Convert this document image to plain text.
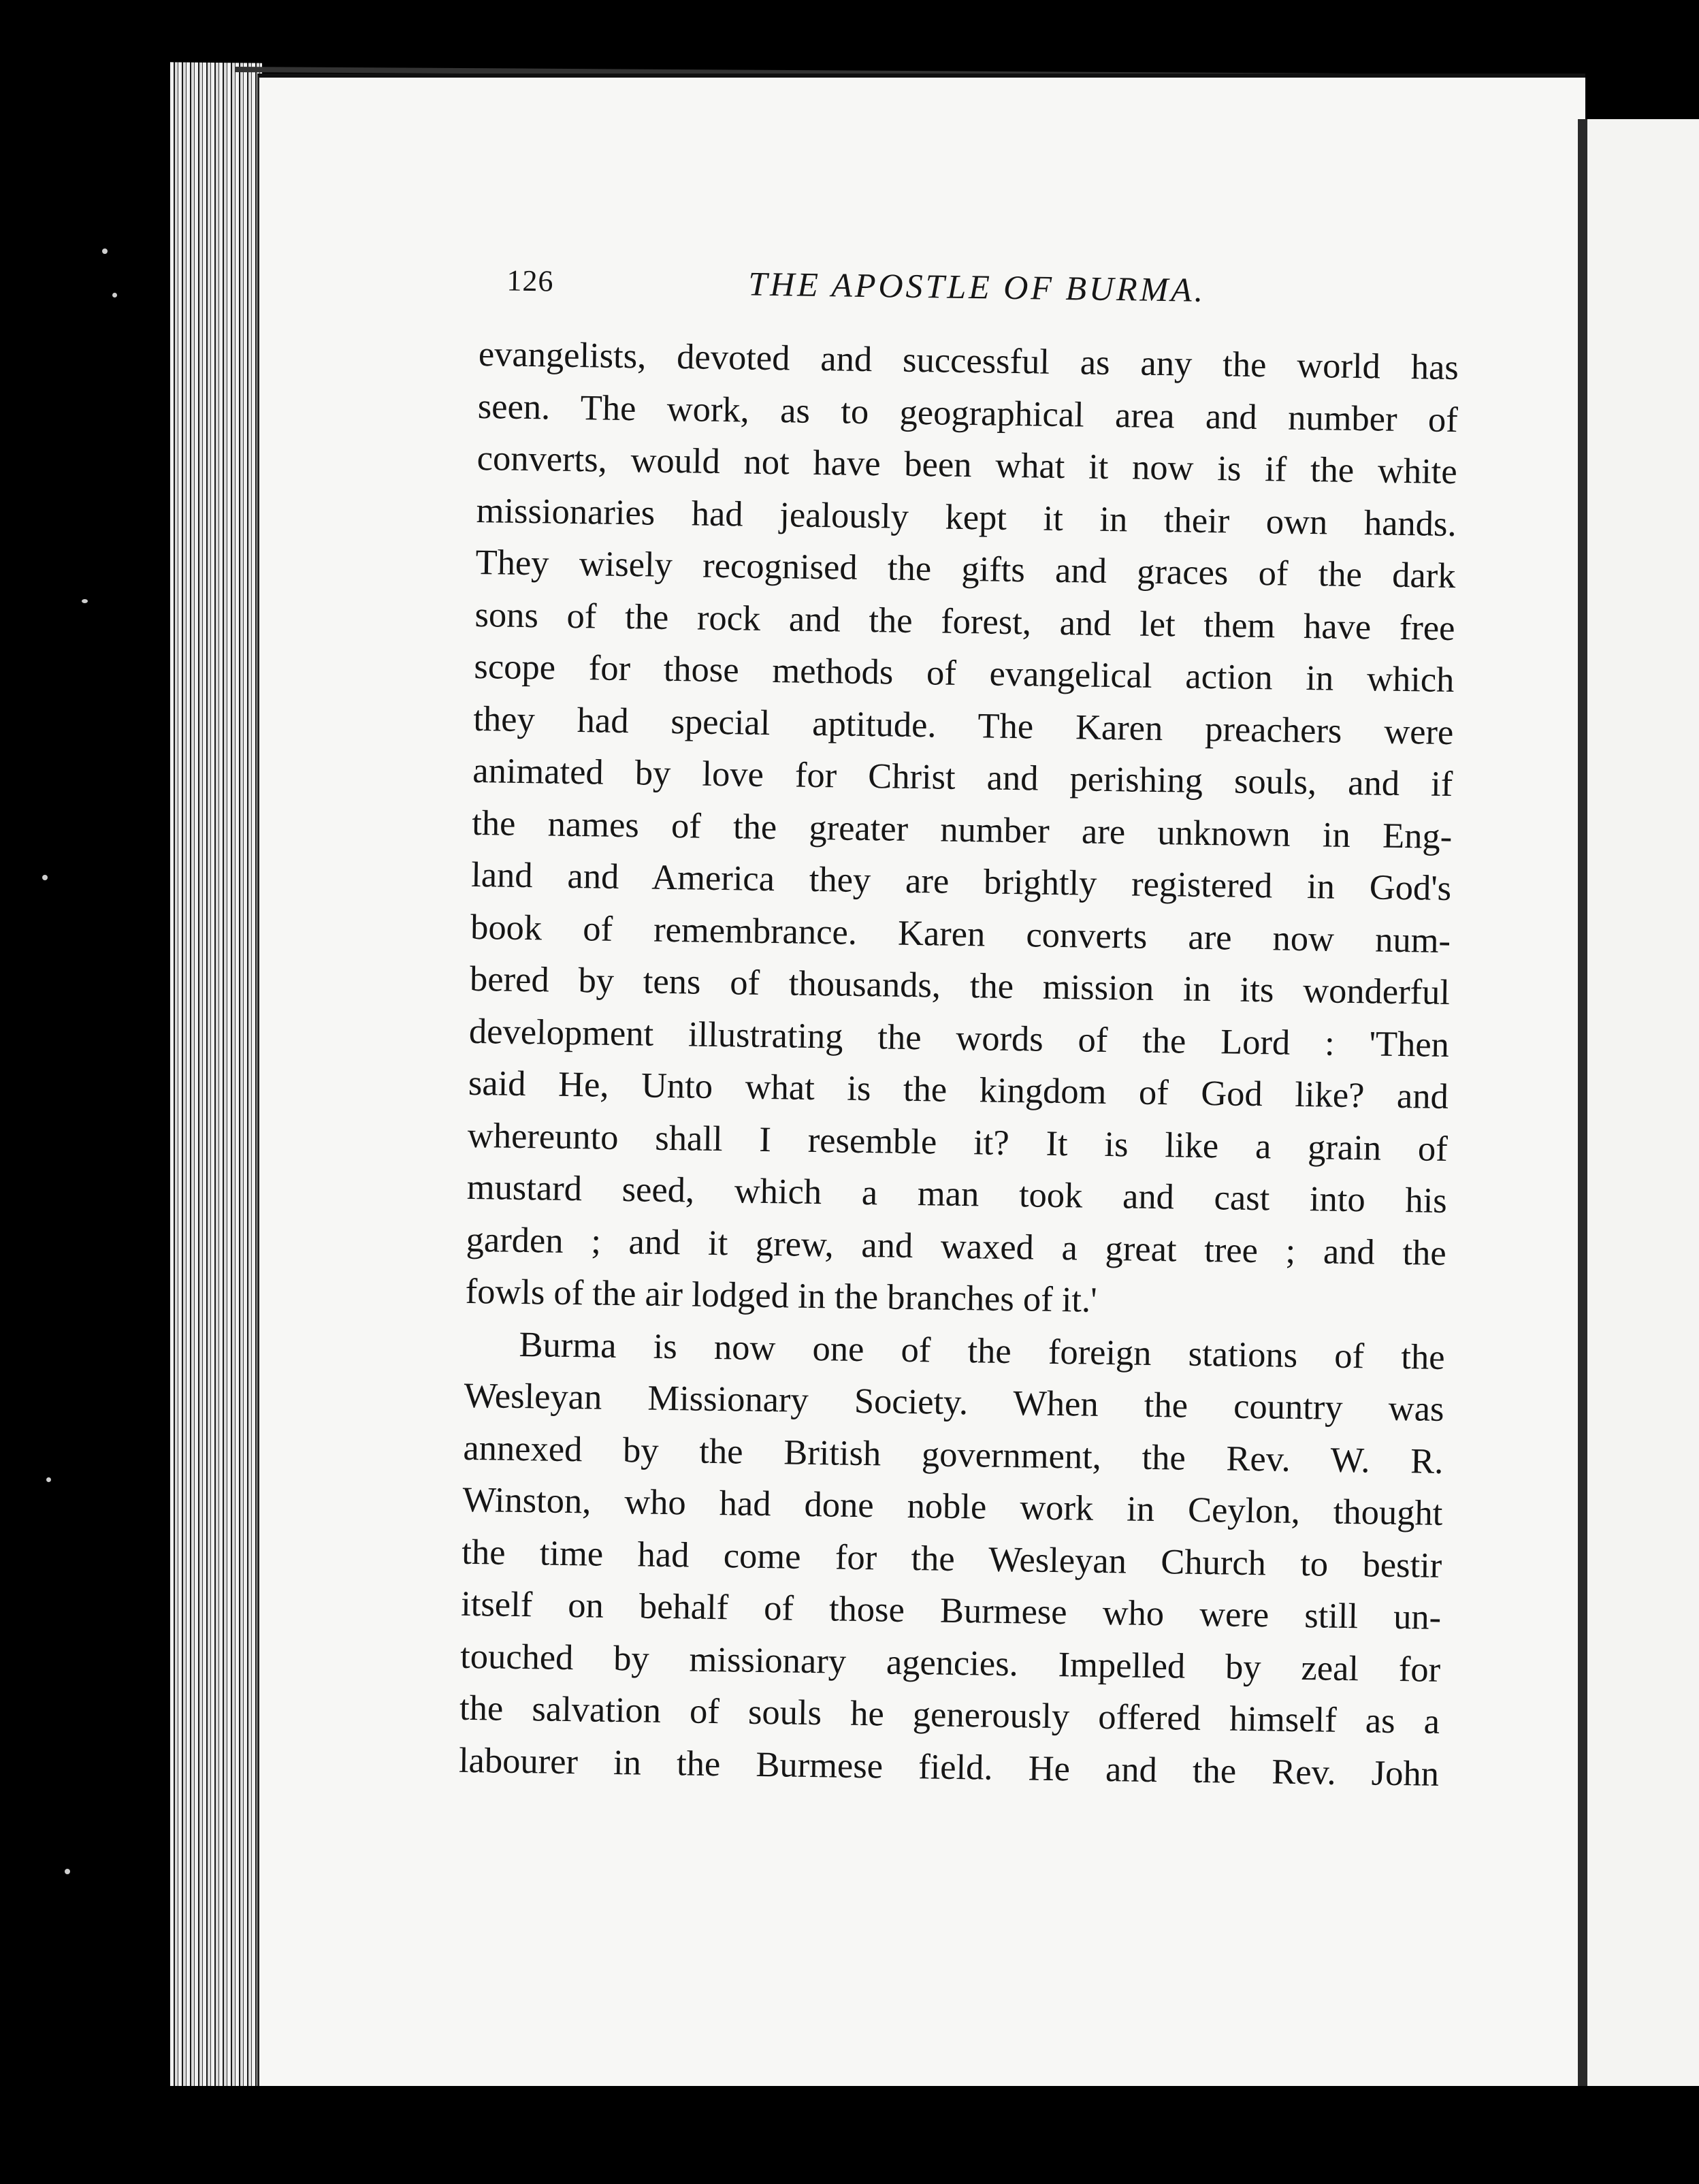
126	THE APOSTLE OF BURMA.
evangelists, devoted and successful as any the world has
seen. The work, as to geographical area and number of
converts, would not have been what it now is if the white
missionaries had jealously kept it in their own hands.
They wisely recognised the gifts and graces of the dark
sons of the rock and the forest, and let them have free
scope for those methods of evangelical action in which
they had special aptitude. The Karen preachers were
animated by love for Christ and perishing souls, and if
the names of the greater number are unknown in Eng-
land and America they are brightly registered in God's
book of remembrance. Karen converts are now num-
bered by tens of thousands, the mission in its wonderful
development illustrating the words of the Lord : 'Then
said He, Unto what is the kingdom of God like? and
whereunto shall I resemble it? It is like a grain of
mustard seed, which a man took and cast into his
garden ; and it grew, and waxed a great tree ; and the
fowls of the air lodged in the branches of it.'
Burma is now one of the foreign stations of the
Wesleyan Missionary Society. When the country was
annexed by the British government, the Rev. W. R.
Winston, who had done noble work in Ceylon, thought
the time had come for the Wesleyan Church to bestir
itself on behalf of those Burmese who were still un-
touched by missionary agencies. Impelled by zeal for
the salvation of souls he generously offered himself as a
labourer in the Burmese field. He and the Rev. John
